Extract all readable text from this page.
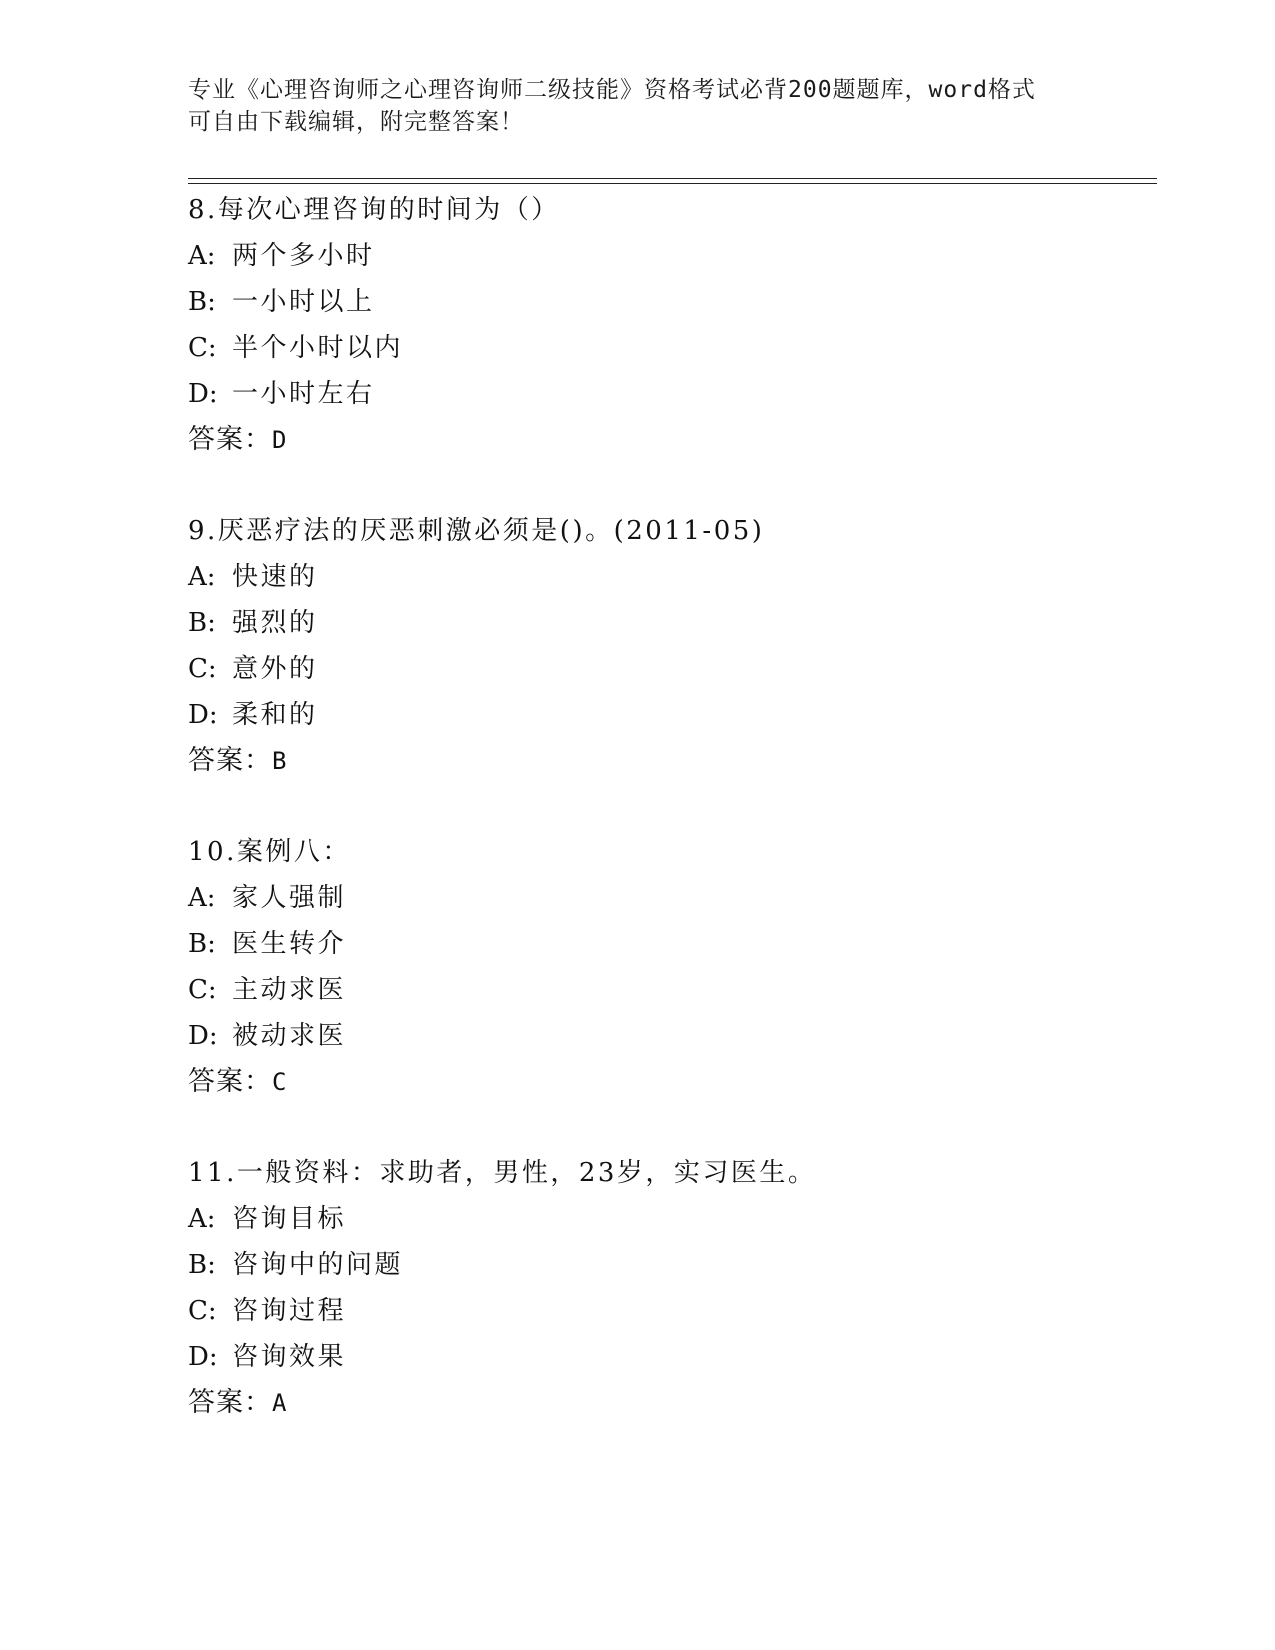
专业《心理咨询师之心理咨询师二级技能》资格考试必背200题题库，word格式
可自由下载编辑，附完整答案！
8.每次心理咨询的时间为（）
A: 两个多小时
B: 一小时以上
C: 半个小时以内
D: 一小时左右
答案：D
9.厌恶疗法的厌恶刺激必须是()。(2011-05)
A: 快速的
B: 强烈的
C: 意外的
D: 柔和的
答案：B
10.案例八：
A: 家人强制
B: 医生转介
C: 主动求医
D: 被动求医
答案：C
11.一般资料：求助者，男性，23岁，实习医生。
A: 咨询目标
B: 咨询中的问题
C: 咨询过程
D: 咨询效果
答案：A
